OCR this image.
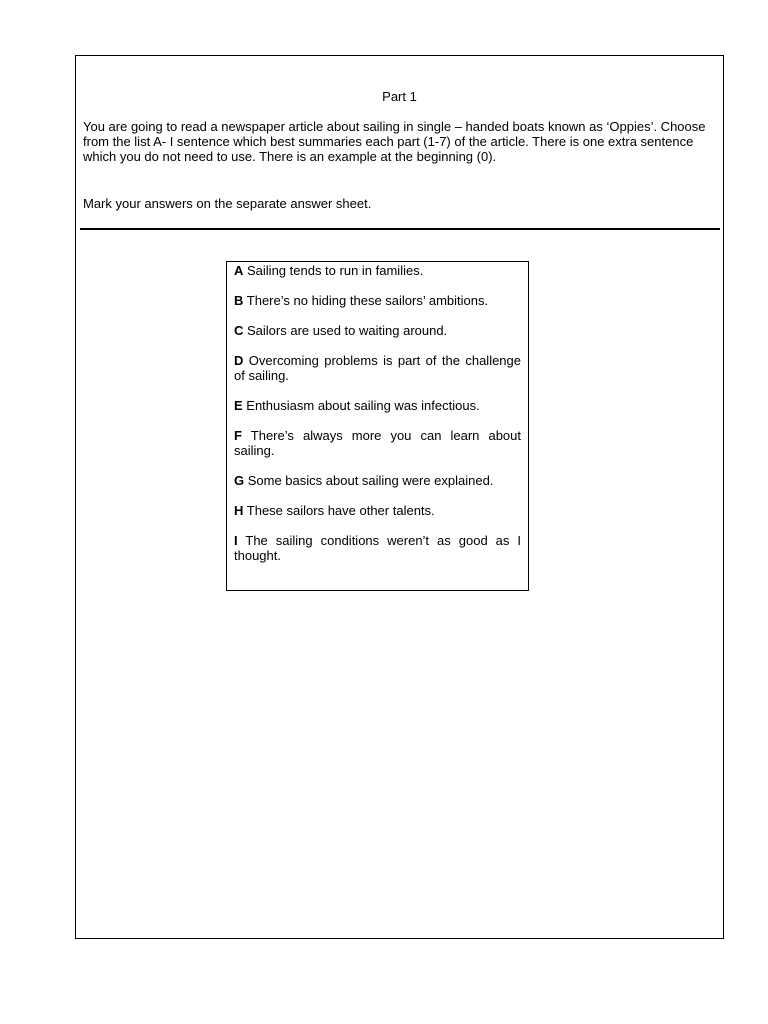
Part 1

You are going to read a newspaper article about sailing in single – handed boats known as ‘Oppies’. Choose from the list A- I sentence which best summaries each part (1-7) of the article. There is one extra sentence which you do not need to use. There is an example at the beginning (0).

Mark your answers on the separate answer sheet.

A Sailing tends to run in families.

B There’s no hiding these sailors’ ambitions.

C Sailors are used to waiting around.

D Overcoming problems is part of the challenge of sailing.

E Enthusiasm about sailing was infectious.

F There’s always more you can learn about sailing.

G Some basics about sailing were explained.

H These sailors have other talents.

I The sailing conditions weren’t as good as I thought.
